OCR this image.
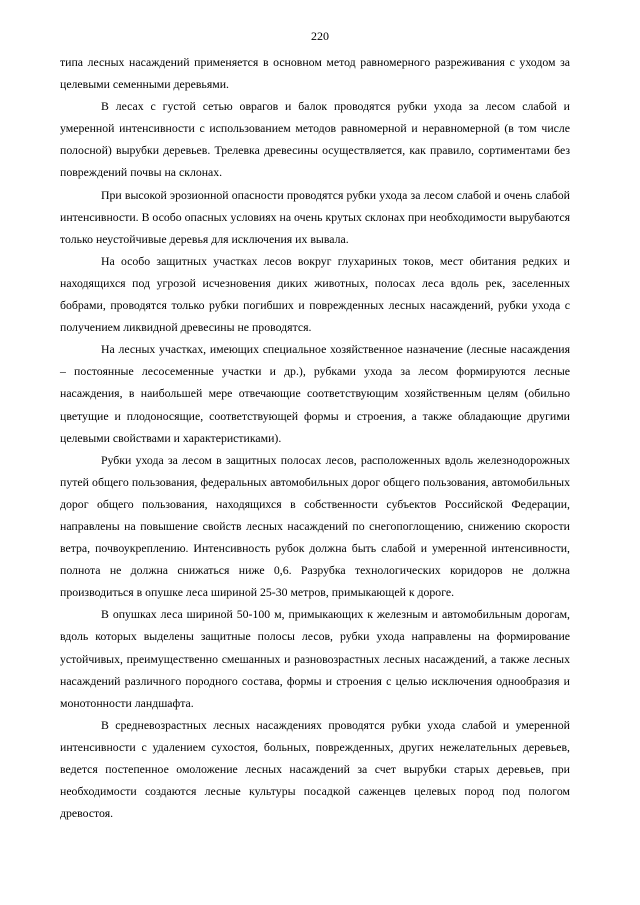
220

типа лесных насаждений применяется в основном метод равномерного разреживания с уходом за целевыми семенными деревьями.

В лесах с густой сетью оврагов и балок проводятся рубки ухода за лесом слабой и умеренной интенсивности с использованием методов равномерной и неравномерной (в том числе полосной) вырубки деревьев. Трелевка древесины осуществляется, как правило, сортиментами без повреждений почвы на склонах.

При высокой эрозионной опасности проводятся рубки ухода за лесом слабой и очень слабой интенсивности. В особо опасных условиях на очень крутых склонах при необходимости вырубаются только неустойчивые деревья для исключения их вывала.

На особо защитных участках лесов вокруг глухариных токов, мест обитания редких и находящихся под угрозой исчезновения диких животных, полосах леса вдоль рек, заселенных бобрами, проводятся только рубки погибших и поврежденных лесных насаждений, рубки ухода с получением ликвидной древесины не проводятся.

На лесных участках, имеющих специальное хозяйственное назначение (лесные насаждения – постоянные лесосеменные участки и др.), рубками ухода за лесом формируются лесные насаждения, в наибольшей мере отвечающие соответствующим хозяйственным целям (обильно цветущие и плодоносящие, соответствующей формы и строения, а также обладающие другими целевыми свойствами и характеристиками).

Рубки ухода за лесом в защитных полосах лесов, расположенных вдоль железнодорожных путей общего пользования, федеральных автомобильных дорог общего пользования, автомобильных дорог общего пользования, находящихся в собственности субъектов Российской Федерации, направлены на повышение свойств лесных насаждений по снегопоглощению, снижению скорости ветра, почвоукреплению. Интенсивность рубок должна быть слабой и умеренной интенсивности, полнота не должна снижаться ниже 0,6. Разрубка технологических коридоров не должна производиться в опушке леса шириной 25-30 метров, примыкающей к дороге.

В опушках леса шириной 50-100 м, примыкающих к железным и автомобильным дорогам, вдоль которых выделены защитные полосы лесов, рубки ухода направлены на формирование устойчивых, преимущественно смешанных и разновозрастных лесных насаждений, а также лесных насаждений различного породного состава, формы и строения с целью исключения однообразия и монотонности ландшафта.

В средневозрастных лесных насаждениях проводятся рубки ухода слабой и умеренной интенсивности с удалением сухостоя, больных, поврежденных, других нежелательных деревьев, ведется постепенное омоложение лесных насаждений за счет вырубки старых деревьев, при необходимости создаются лесные культуры посадкой саженцев целевых пород под пологом древостоя.
